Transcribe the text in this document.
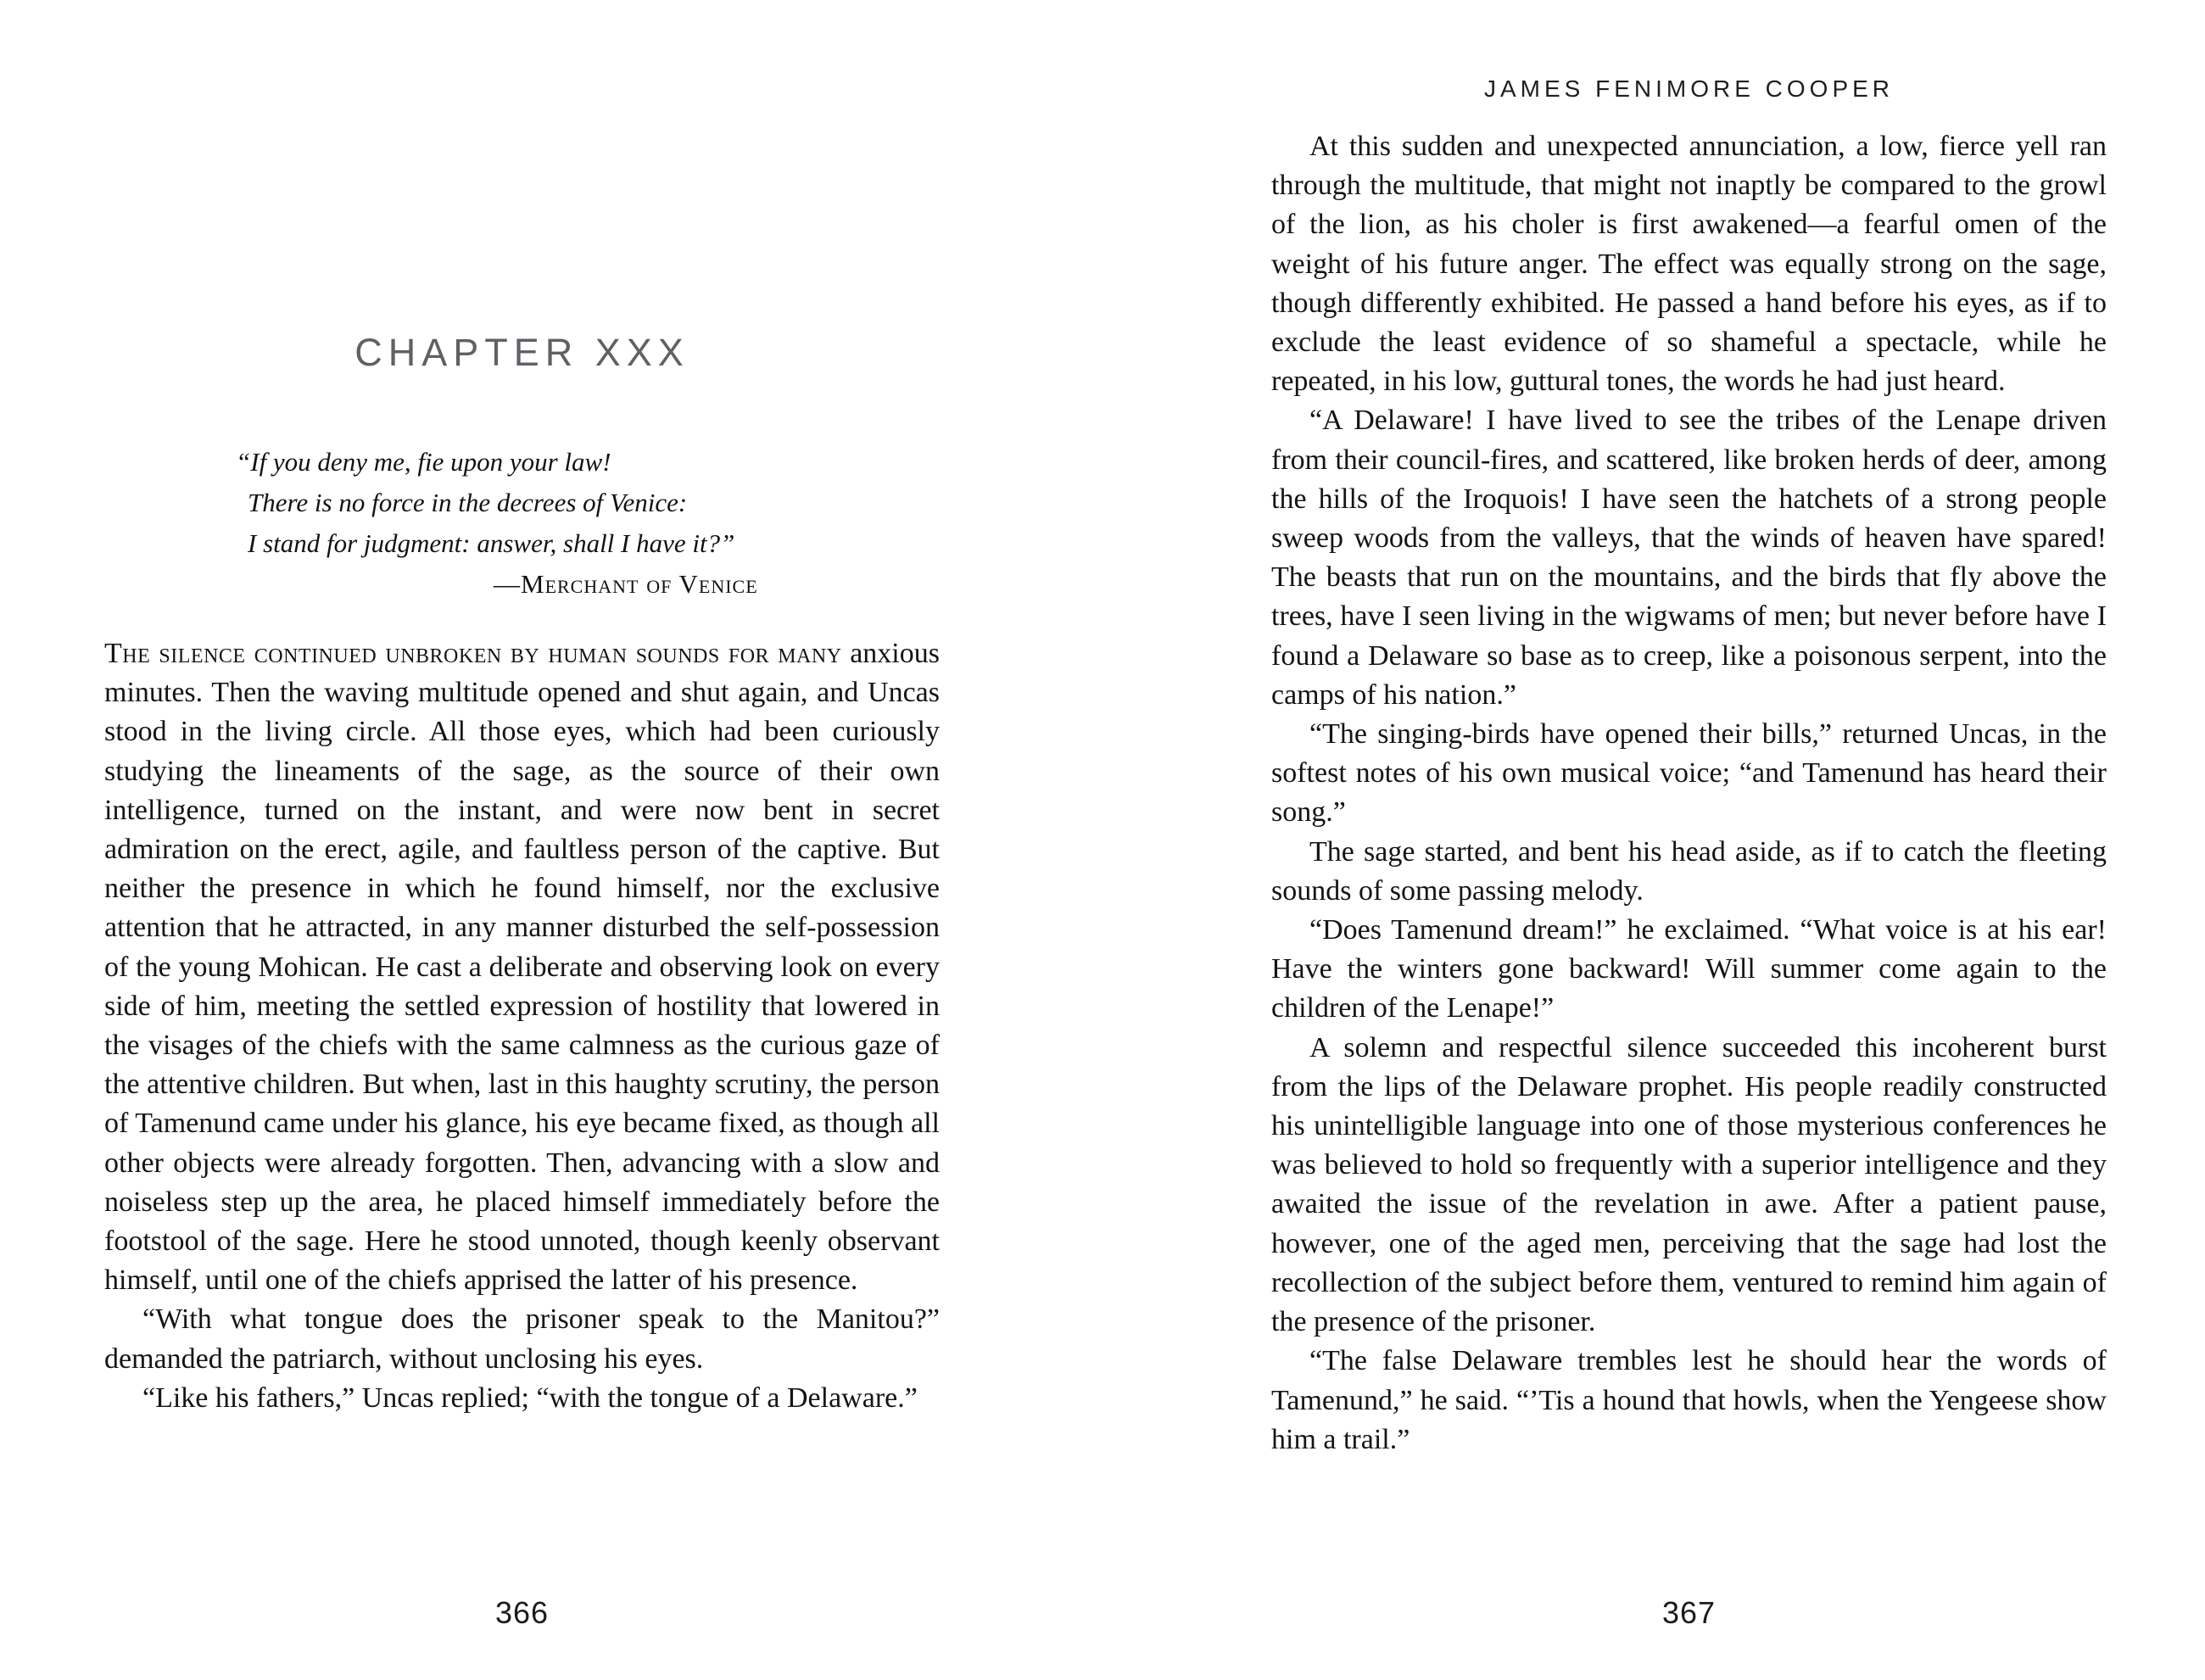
CHAPTER XXX
“If you deny me, fie upon your law!
There is no force in the decrees of Venice:
I stand for judgment: answer, shall I have it?”
—Merchant of Venice

The silence continued unbroken by human sounds for many anxious minutes. Then the waving multitude opened and shut again, and Uncas stood in the living circle. All those eyes, which had been curiously studying the lineaments of the sage, as the source of their own intelligence, turned on the instant, and were now bent in secret admiration on the erect, agile, and faultless person of the captive. But neither the presence in which he found himself, nor the exclusive attention that he attracted, in any manner disturbed the self-possession of the young Mohican. He cast a deliberate and observing look on every side of him, meeting the settled expression of hostility that lowered in the visages of the chiefs with the same calmness as the curious gaze of the attentive children. But when, last in this haughty scrutiny, the person of Tamenund came under his glance, his eye became fixed, as though all other objects were already forgotten. Then, advancing with a slow and noiseless step up the area, he placed himself immediately before the footstool of the sage. Here he stood unnoted, though keenly observant himself, until one of the chiefs apprised the latter of his presence.

“With what tongue does the prisoner speak to the Manitou?” demanded the patriarch, without unclosing his eyes.

“Like his fathers,” Uncas replied; “with the tongue of a Delaware.”

366
JAMES FENIMORE COOPER

At this sudden and unexpected annunciation, a low, fierce yell ran through the multitude, that might not inaptly be compared to the growl of the lion, as his choler is first awakened—a fearful omen of the weight of his future anger. The effect was equally strong on the sage, though differently exhibited. He passed a hand before his eyes, as if to exclude the least evidence of so shameful a spectacle, while he repeated, in his low, guttural tones, the words he had just heard.

“A Delaware! I have lived to see the tribes of the Lenape driven from their council-fires, and scattered, like broken herds of deer, among the hills of the Iroquois! I have seen the hatchets of a strong people sweep woods from the valleys, that the winds of heaven have spared! The beasts that run on the mountains, and the birds that fly above the trees, have I seen living in the wigwams of men; but never before have I found a Delaware so base as to creep, like a poisonous serpent, into the camps of his nation.”

“The singing-birds have opened their bills,” returned Uncas, in the softest notes of his own musical voice; “and Tamenund has heard their song.”

The sage started, and bent his head aside, as if to catch the fleeting sounds of some passing melody.

“Does Tamenund dream!” he exclaimed. “What voice is at his ear! Have the winters gone backward! Will summer come again to the children of the Lenape!”

A solemn and respectful silence succeeded this incoherent burst from the lips of the Delaware prophet. His people readily constructed his unintelligible language into one of those mysterious conferences he was believed to hold so frequently with a superior intelligence and they awaited the issue of the revelation in awe. After a patient pause, however, one of the aged men, perceiving that the sage had lost the recollection of the subject before them, ventured to remind him again of the presence of the prisoner.

“The false Delaware trembles lest he should hear the words of Tamenund,” he said. “’Tis a hound that howls, when the Yengeese show him a trail.”

367
